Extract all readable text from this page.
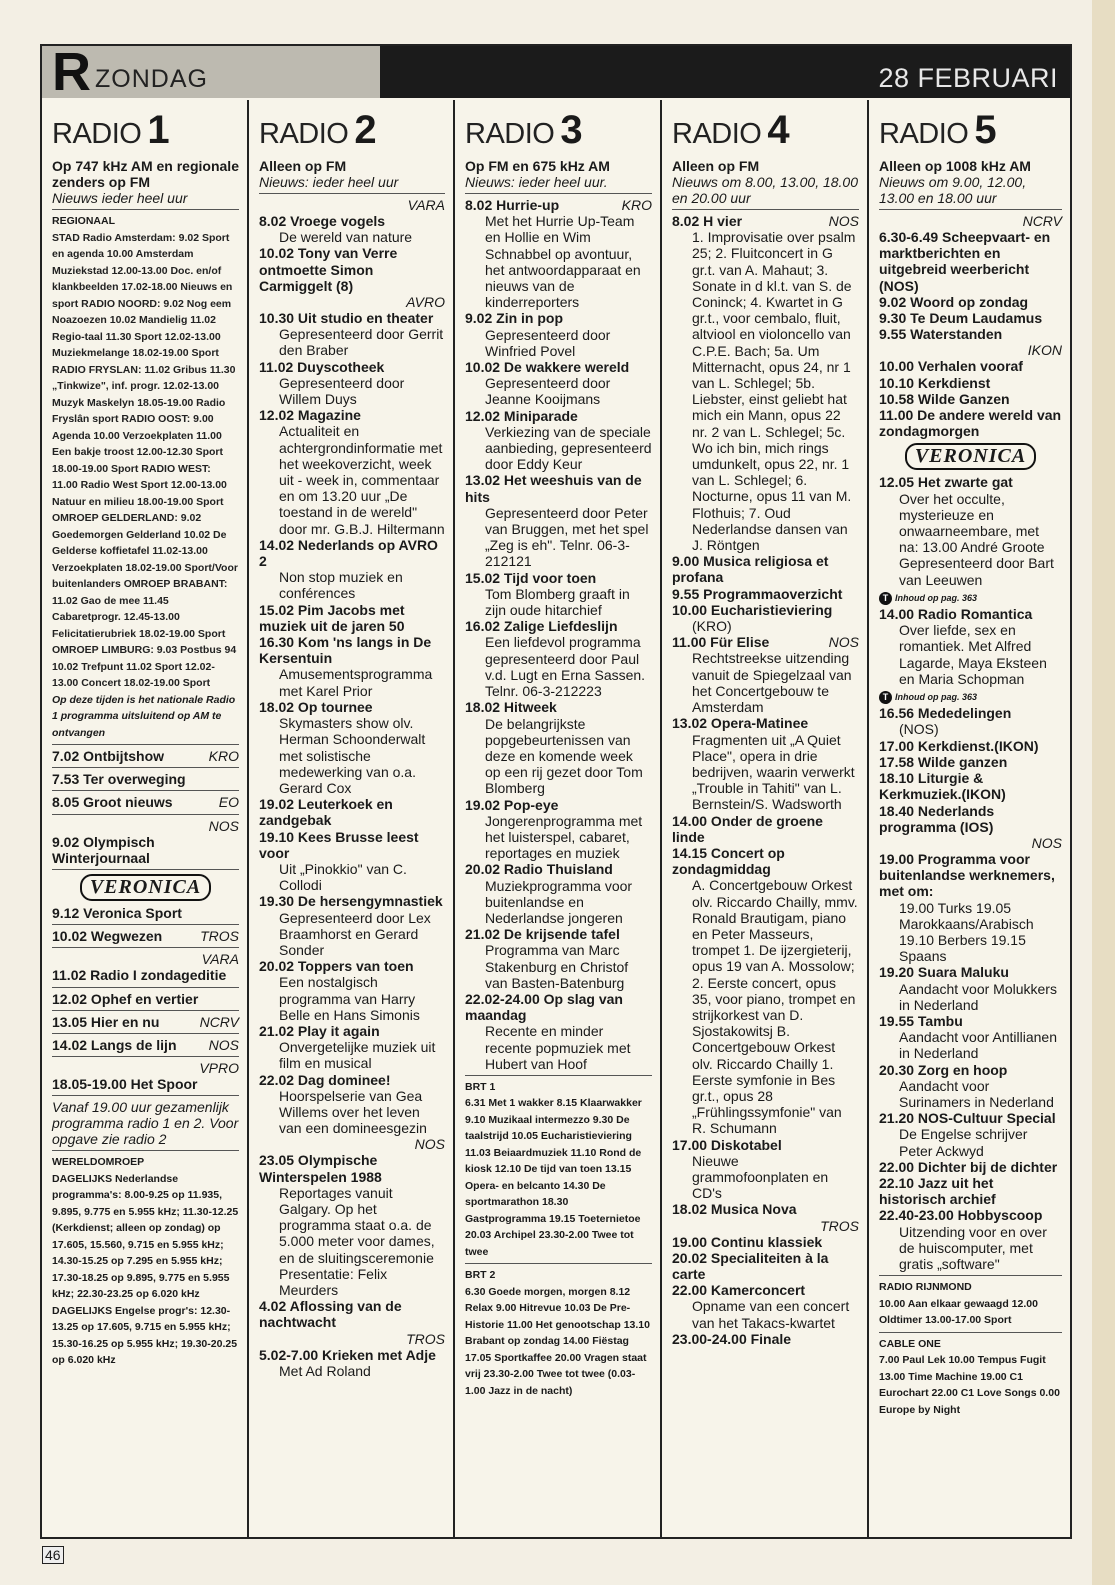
R ZONDAG	28 FEBRUARI
RADIO 1
Op 747 kHz AM en regionale zenders op FM
Nieuws ieder heel uur
REGIONAAL
STAD Radio Amsterdam: 9.02 Sport en agenda 10.00 Amsterdam Muziekstad 12.00-13.00 Doc. en/of klankbeelden 17.02-18.00 Nieuws en sport RADIO NOORD: 9.02 Nog eem Noazoezen 10.02 Mandielig 11.02 Regio-taal 11.30 Sport 12.02-13.00 Muziekmelange 18.02-19.00 Sport RADIO FRYSLAN: 11.02 Gribus 11.30 „Tinkwize", inf. progr. 12.02-13.00 Muzyk Maskelyn 18.05-19.00 Radio Fryslân sport RADIO OOST: 9.00 Agenda 10.00 Verzoekplaten 11.00 Een bakje troost 12.00-12.30 Sport 18.00-19.00 Sport RADIO WEST: 11.00 Radio West Sport 12.00-13.00 Natuur en milieu 18.00-19.00 Sport OMROEP GELDERLAND: 9.02 Goedemorgen Gelderland 10.02 De Gelderse koffietafel 11.02-13.00 Verzoekplaten 18.02-19.00 Sport/Voor buitenlanders OMROEP BRABANT: 11.02 Gao de mee 11.45 Cabaretprogr. 12.45-13.00 Felicitatierubriek 18.02-19.00 Sport OMROEP LIMBURG: 9.03 Postbus 94 10.02 Trefpunt 11.02 Sport 12.02-13.00 Concert 18.02-19.00 Sport
Op deze tijden is het nationale Radio 1 programma uitsluitend op AM te ontvangen
KRO
7.02 Ontbijtshow
7.53 Ter overweging
EO
8.05 Groot nieuws
NOS
9.02 Olympisch Winterjournaal
VERONICA
9.12 Veronica Sport
TROS
10.02 Wegwezen
VARA
11.02 Radio I zondageditie
12.02 Ophef en vertier
NCRV
13.05 Hier en nu
NOS
14.02 Langs de lijn
VPRO
18.05-19.00 Het Spoor
Vanaf 19.00 uur gezamenlijk programma radio 1 en 2. Voor opgave zie radio 2
WERELDOMROEP
DAGELIJKS Nederlandse programma's: 8.00-9.25 op 11.935, 9.895, 9.775 en 5.955 kHz; 11.30-12.25 (Kerkdienst; alleen op zondag) op 17.605, 15.560, 9.715 en 5.955 kHz; 14.30-15.25 op 7.295 en 5.955 kHz; 17.30-18.25 op 9.895, 9.775 en 5.955 kHz; 22.30-23.25 op 6.020 kHz
DAGELIJKS Engelse progr's: 12.30-13.25 op 17.605, 9.715 en 5.955 kHz; 15.30-16.25 op 5.955 kHz; 19.30-20.25 op 6.020 kHz
RADIO 2
Alleen op FM
Nieuws: ieder heel uur
VARA
8.02 Vroege vogels
De wereld van nature
10.02 Tony van Verre ontmoette Simon Carmiggelt (8)
AVRO
10.30 Uit studio en theater
Gepresenteerd door Gerrit den Braber
11.02 Duyscotheek
Gepresenteerd door Willem Duys
12.02 Magazine
Actualiteit en achtergrondinformatie met het weekoverzicht, week uit - week in, commentaar en om 13.20 uur „De toestand in de wereld" door mr. G.B.J. Hiltermann
14.02 Nederlands op AVRO 2
Non stop muziek en conférences
15.02 Pim Jacobs met muziek uit de jaren 50
16.30 Kom 'ns langs in De Kersentuin
Amusementsprogramma met Karel Prior
18.02 Op tournee
Skymasters show olv. Herman Schoonderwalt met solistische medewerking van o.a. Gerard Cox
19.02 Leuterkoek en zandgebak
19.10 Kees Brusse leest voor
Uit „Pinokkio" van C. Collodi
19.30 De hersengymnastiek
Gepresenteerd door Lex Braamhorst en Gerard Sonder
20.02 Toppers van toen
Een nostalgisch programma van Harry Belle en Hans Simonis
21.02 Play it again
Onvergetelijke muziek uit film en musical
22.02 Dag dominee!
Hoorspelserie van Gea Willems over het leven van een domineesgezin
NOS
23.05 Olympische Winterspelen 1988
Reportages vanuit Galgary. Op het programma staat o.a. de 5.000 meter voor dames, en de sluitingsceremonie Presentatie: Felix Meurders
4.02 Aflossing van de nachtwacht
TROS
5.02-7.00 Krieken met Adje
Met Ad Roland
RADIO 3
Op FM en 675 kHz AM
Nieuws: ieder heel uur.
KRO
8.02 Hurrie-up
Met het Hurrie Up-Team en Hollie en Wim Schnabbel op avontuur, het antwoordapparaat en nieuws van de kinderreporters
9.02 Zin in pop
Gepresenteerd door Winfried Povel
10.02 De wakkere wereld
Gepresenteerd door Jeanne Kooijmans
12.02 Miniparade
Verkiezing van de speciale aanbieding, gepresenteerd door Eddy Keur
13.02 Het weeshuis van de hits
Gepresenteerd door Peter van Bruggen, met het spel „Zeg is eh". Telnr. 06-3-212121
15.02 Tijd voor toen
Tom Blomberg graaft in zijn oude hitarchief
16.02 Zalige Liefdeslijn
Een liefdevol programma gepresenteerd door Paul v.d. Lugt en Erna Sassen. Telnr. 06-3-212223
18.02 Hitweek
De belangrijkste popgebeurtenissen van deze en komende week op een rij gezet door Tom Blomberg
19.02 Pop-eye
Jongerenprogramma met het luisterspel, cabaret, reportages en muziek
20.02 Radio Thuisland
Muziekprogramma voor buitenlandse en Nederlandse jongeren
21.02 De krijsende tafel
Programma van Marc Stakenburg en Christof van Basten-Batenburg
22.02-24.00 Op slag van maandag
Recente en minder recente popmuziek met Hubert van Hoof
BRT 1
6.31 Met 1 wakker 8.15 Klaarwakker 9.10 Muzikaal intermezzo 9.30 De taalstrijd 10.05 Eucharistieviering 11.03 Beiaardmuziek 11.10 Rond de kiosk 12.10 De tijd van toen 13.15 Opera- en belcanto 14.30 De sportmarathon 18.30 Gastprogramma 19.15 Toeternietoe 20.03 Archipel 23.30-2.00 Twee tot twee
BRT 2
6.30 Goede morgen, morgen 8.12 Relax 9.00 Hitrevue 10.03 De Pre-Historie 11.00 Het genootschap 13.10 Brabant op zondag 14.00 Fiëstag 17.05 Sportkaffee 20.00 Vragen staat vrij 23.30-2.00 Twee tot twee (0.03-1.00 Jazz in de nacht)
RADIO 4
Alleen op FM
Nieuws om 8.00, 13.00, 18.00 en 20.00 uur
NOS
8.02 H vier
1. Improvisatie over psalm 25; 2. Fluitconcert in G gr.t. van A. Mahaut; 3. Sonate in d kl.t. van S. de Coninck; 4. Kwartet in G gr.t., voor cembalo, fluit, altviool en violoncello van C.P.E. Bach; 5a. Um Mitternacht, opus 24, nr 1 van L. Schlegel; 5b. Liebster, einst geliebt hat mich ein Mann, opus 22 nr. 2 van L. Schlegel; 5c. Wo ich bin, mich rings umdunkelt, opus 22, nr. 1 van L. Schlegel; 6. Nocturne, opus 11 van M. Flothuis; 7. Oud Nederlandse dansen van J. Röntgen
9.00 Musica religiosa et profana
9.55 Programmaoverzicht
10.00 Eucharistieviering
(KRO)
NOS
11.00 Für Elise
Rechtstreekse uitzending vanuit de Spiegelzaal van het Concertgebouw te Amsterdam
13.02 Opera-Matinee
Fragmenten uit „A Quiet Place", opera in drie bedrijven, waarin verwerkt „Trouble in Tahiti" van L. Bernstein/S. Wadsworth
14.00 Onder de groene linde
14.15 Concert op zondagmiddag
A. Concertgebouw Orkest olv. Riccardo Chailly, mmv. Ronald Brautigam, piano en Peter Masseurs, trompet 1. De ijzergieterij, opus 19 van A. Mossolow; 2. Eerste concert, opus 35, voor piano, trompet en strijkorkest van D. Sjostakowitsj B. Concertgebouw Orkest olv. Riccardo Chailly 1. Eerste symfonie in Bes gr.t., opus 28 „Frühlingssymfonie" van R. Schumann
17.00 Diskotabel
Nieuwe grammofoonplaten en CD's
18.02 Musica Nova
TROS
19.00 Continu klassiek
20.02 Specialiteiten à la carte
22.00 Kamerconcert
Opname van een concert van het Takacs-kwartet
23.00-24.00 Finale
RADIO 5
Alleen op 1008 kHz AM
Nieuws om 9.00, 12.00, 13.00 en 18.00 uur
NCRV
6.30-6.49 Scheepvaart- en marktberichten en uitgebreid weerbericht (NOS)
9.02 Woord op zondag
9.30 Te Deum Laudamus
9.55 Waterstanden
IKON
10.00 Verhalen vooraf
10.10 Kerkdienst
10.58 Wilde Ganzen
11.00 De andere wereld van zondagmorgen
VERONICA
12.05 Het zwarte gat
Over het occulte, mysterieuze en onwaarneembare, met na: 13.00 André Groote Gepresenteerd door Bart van Leeuwen
T Inhoud op pag. 363
14.00 Radio Romantica
Over liefde, sex en romantiek. Met Alfred Lagarde, Maya Eksteen en Maria Schopman
T Inhoud op pag. 363
16.56 Mededelingen
(NOS)
17.00 Kerkdienst.(IKON)
17.58 Wilde ganzen
18.10 Liturgie & Kerkmuziek.(IKON)
18.40 Nederlands programma (IOS)
NOS
19.00 Programma voor buitenlandse werknemers, met om:
19.00 Turks 19.05 Marokkaans/Arabisch 19.10 Berbers 19.15 Spaans
19.20 Suara Maluku
Aandacht voor Molukkers in Nederland
19.55 Tambu
Aandacht voor Antillianen in Nederland
20.30 Zorg en hoop
Aandacht voor Surinamers in Nederland
21.20 NOS-Cultuur Special
De Engelse schrijver Peter Ackwyd
22.00 Dichter bij de dichter
22.10 Jazz uit het historisch archief
22.40-23.00 Hobbyscoop
Uitzending voor en over de huiscomputer, met gratis „software"
RADIO RIJNMOND
10.00 Aan elkaar gewaagd 12.00 Oldtimer 13.00-17.00 Sport
CABLE ONE
7.00 Paul Lek 10.00 Tempus Fugit 13.00 Time Machine 19.00 C1 Eurochart 22.00 C1 Love Songs 0.00 Europe by Night
46
